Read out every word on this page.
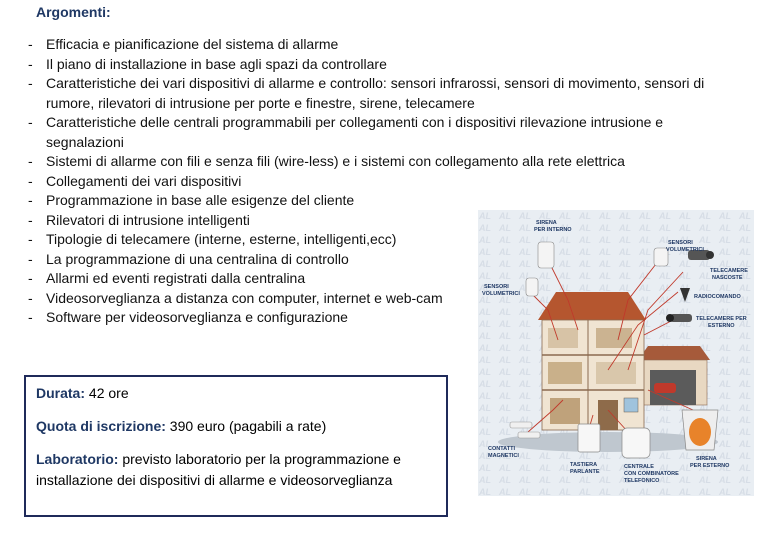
Argomenti:
- Efficacia e pianificazione del sistema di allarme
- Il piano di installazione in base agli spazi da controllare
- Caratteristiche dei vari dispositivi di allarme e controllo: sensori infrarossi, sensori di movimento, sensori di rumore, rilevatori di intrusione per porte e finestre, sirene, telecamere
- Caratteristiche delle centrali programmabili per collegamenti con i dispositivi rilevazione intrusione e segnalazioni
- Sistemi di allarme con fili e senza fili (wire-less) e i sistemi con collegamento alla rete elettrica
- Collegamenti dei vari dispositivi
- Programmazione in base alle esigenze del cliente
- Rilevatori di intrusione intelligenti
- Tipologie di telecamere (interne, esterne, intelligenti,ecc)
- La programmazione di una centralina di controllo
- Allarmi ed eventi registrati dalla centralina
- Videosorveglianza a distanza con computer, internet e web-cam
- Software per videosorveglianza e configurazione

Durata: 42 ore

Quota di iscrizione: 390 euro (pagabili a rate)

Laboratorio: previsto laboratorio per la programmazione e installazione dei dispositivi di allarme e videosorveglianza

SIRENA
PER INTERNO
SENSORI
VOLUMETRICI
SENSORI
VOLUMETRICI
TELECAMERE
NASCOSTE
RADIOCOMANDO
TELECAMERE PER
ESTERNO
CONTATTI
MAGNETICI
TASTIERA
PARLANTE
CENTRALE
CON COMBINATORE
TELEFONICO
SIRENA
PER ESTERNO
